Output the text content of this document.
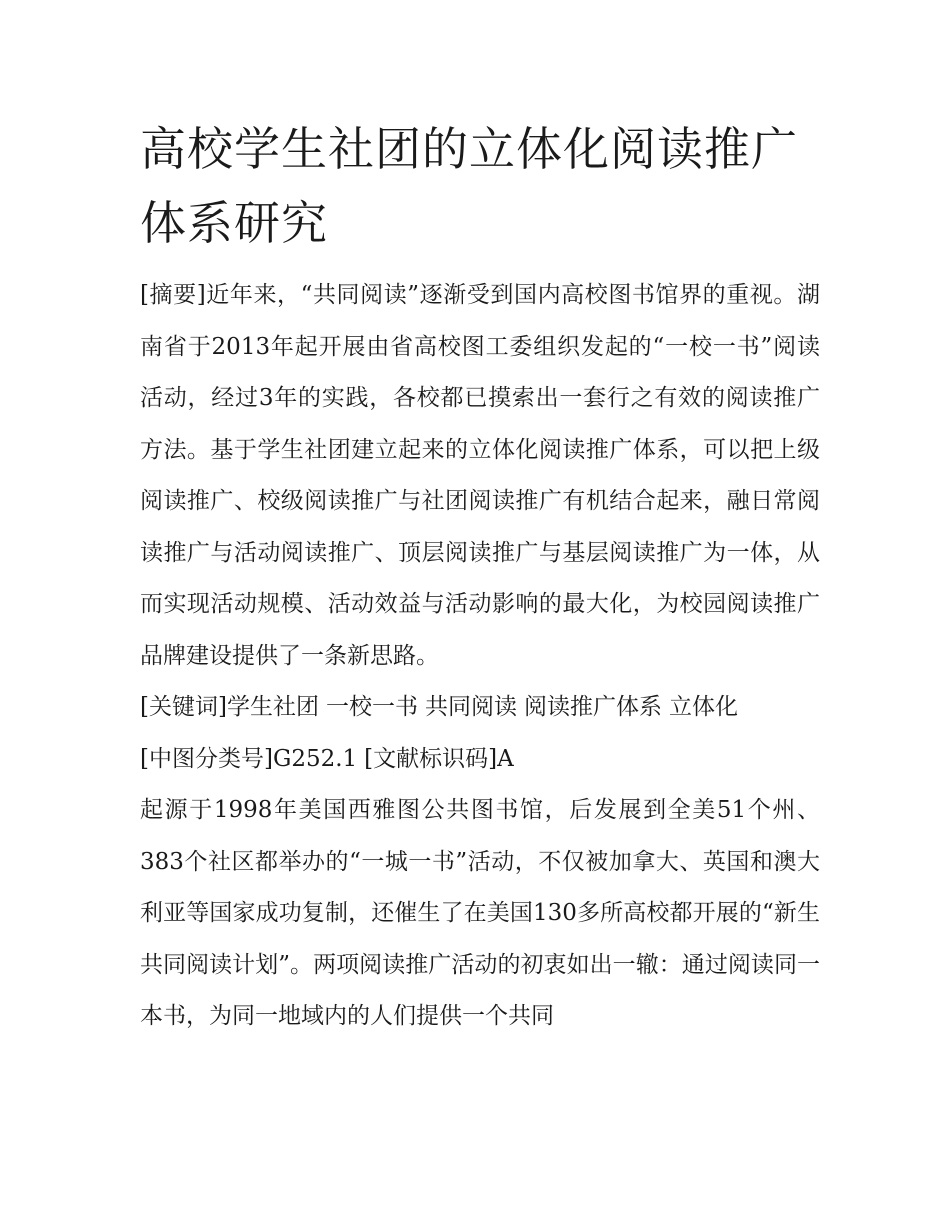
高校学生社团的立体化阅读推广体系研究

[摘要]近年来，“共同阅读”逐渐受到国内高校图书馆界的重视。湖南省于2013年起开展由省高校图工委组织发起的“一校一书”阅读活动，经过3年的实践，各校都已摸索出一套行之有效的阅读推广方法。基于学生社团建立起来的立体化阅读推广体系，可以把上级阅读推广、校级阅读推广与社团阅读推广有机结合起来，融日常阅读推广与活动阅读推广、顶层阅读推广与基层阅读推广为一体，从而实现活动规模、活动效益与活动影响的最大化，为校园阅读推广品牌建设提供了一条新思路。

[关键词]学生社团 一校一书 共同阅读 阅读推广体系 立体化

[中图分类号]G252.1 [文献标识码]A

起源于1998年美国西雅图公共图书馆，后发展到全美51个州、383个社区都举办的“一城一书”活动，不仅被加拿大、英国和澳大利亚等国家成功复制，还催生了在美国130多所高校都开展的“新生共同阅读计划”。两项阅读推广活动的初衷如出一辙：通过阅读同一本书，为同一地域内的人们提供一个共同
